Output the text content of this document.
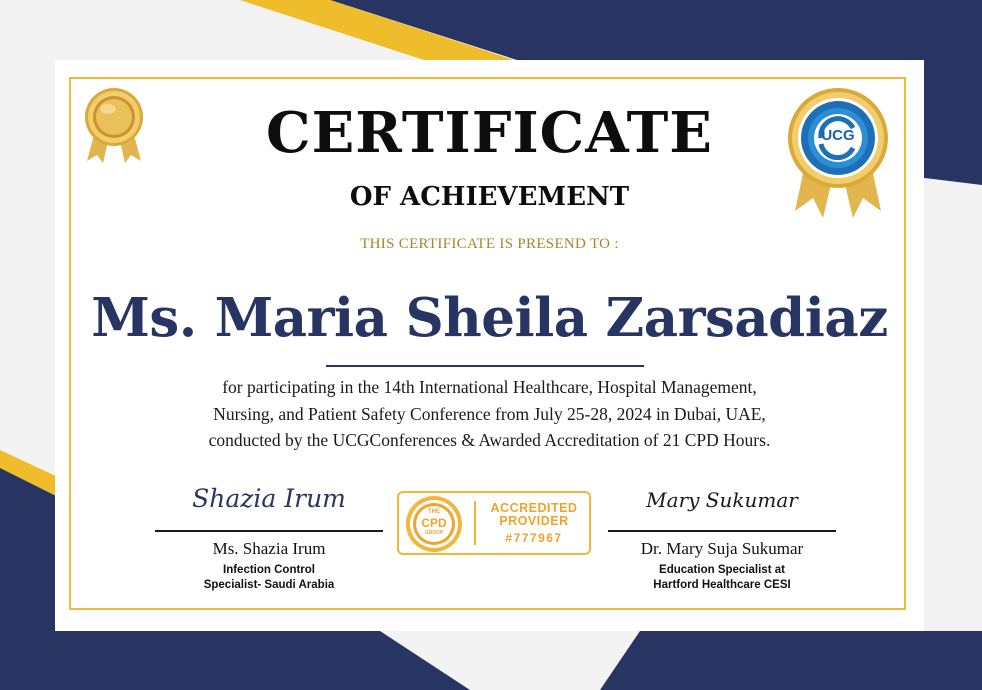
UCG
CERTIFICATE
OF ACHIEVEMENT
THIS CERTIFICATE IS PRESEND TO :
Ms. Maria Sheila Zarsadiaz
for participating in the 14th International Healthcare, Hospital Management,
Nursing, and Patient Safety Conference from July 25-28, 2024 in Dubai, UAE,
conducted by the UCGConferences & Awarded Accreditation of 21 CPD Hours.
Shazia Irum
Ms. Shazia Irum
Infection Control
Specialist- Saudi Arabia
THE
CPD
GROUP
ACCREDITED
PROVIDER
#777967
Mary Sukumar
Dr. Mary Suja Sukumar
Education Specialist at
Hartford Healthcare CESI
